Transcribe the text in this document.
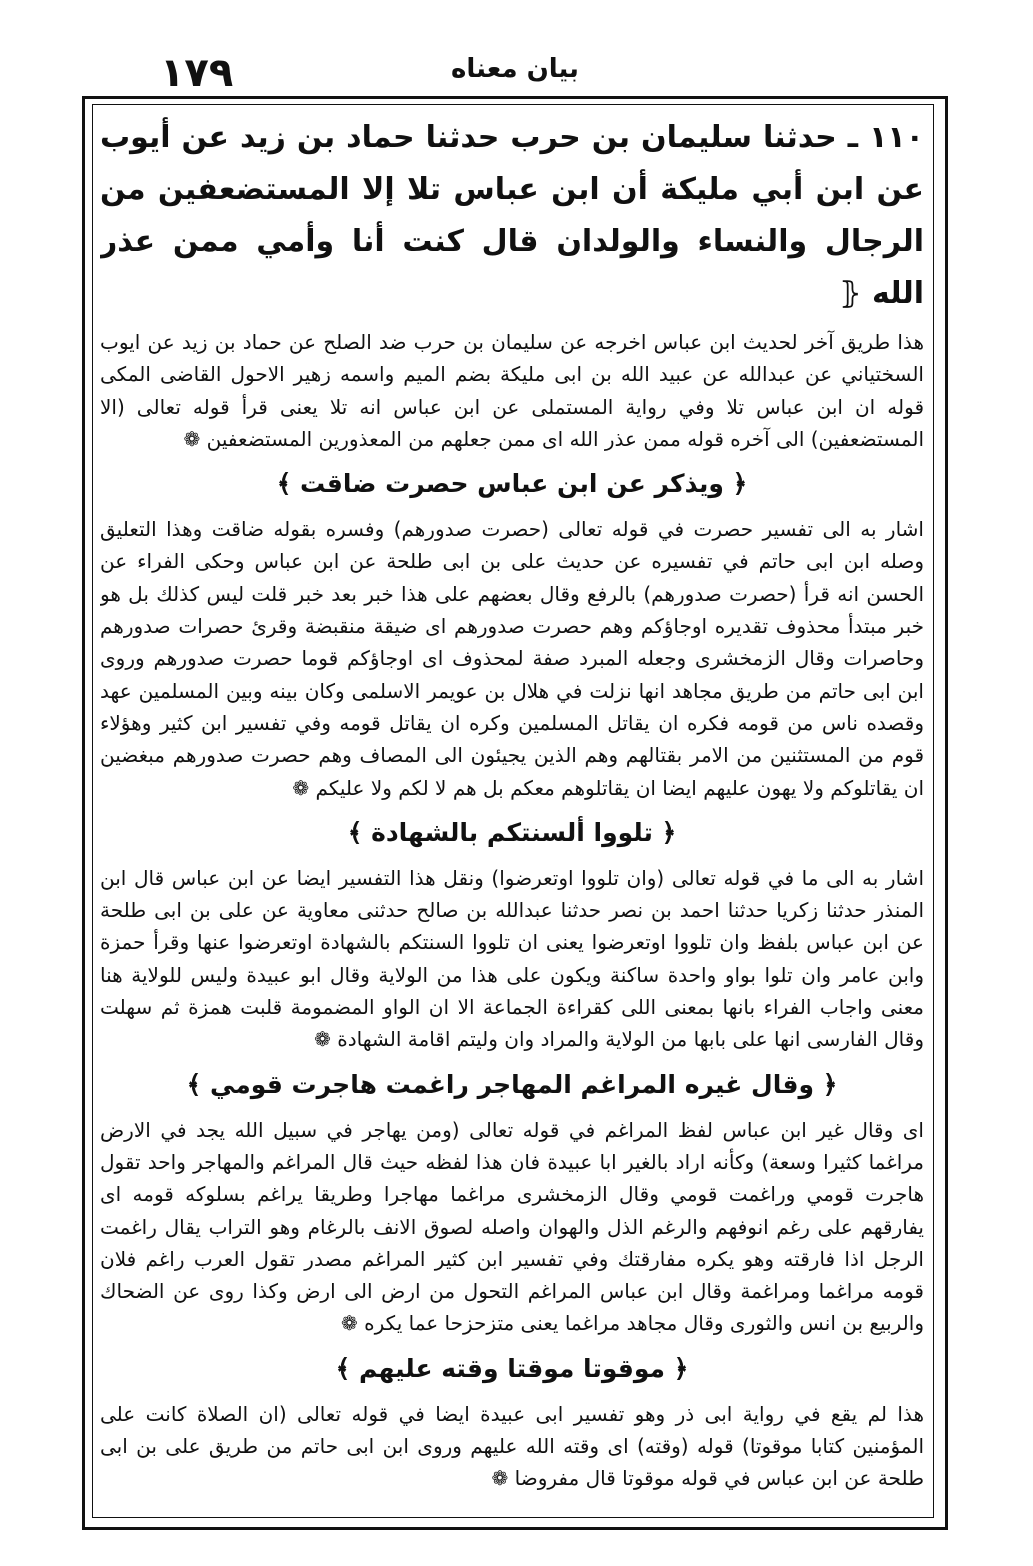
۱۷۹	بیان معناه

١١٠ ـ حدثنا سليمان بن حرب حدثنا حماد بن زيد عن أيوب عن ابن أبي مليكة أن ابن عباس تلا إلا المستضعفين من الرجال والنساء والولدان قال كنت أنا وأمي ممن عذر الله ⦃

هذا طريق آخر لحديث ابن عباس اخرجه عن سليمان بن حرب ضد الصلح عن حماد بن زيد عن ايوب السختياني عن عبدالله عن عبيد الله بن ابى مليكة بضم الميم واسمه زهير الاحول القاضى المكى قوله ان ابن عباس تلا وفي رواية المستملى عن ابن عباس انه تلا يعنى قرأ قوله تعالى (الا المستضعفين) الى آخره قوله ممن عذر الله اى ممن جعلهم من المعذورين المستضعفين ❁

﴿ ويذكر عن ابن عباس حصرت ضاقت ﴾

اشار به الى تفسير حصرت في قوله تعالى (حصرت صدورهم) وفسره بقوله ضاقت وهذا التعليق وصله ابن ابى حاتم في تفسيره عن حديث على بن ابى طلحة عن ابن عباس وحكى الفراء عن الحسن انه قرأ (حصرت صدورهم) بالرفع وقال بعضهم على هذا خبر بعد خبر قلت ليس كذلك بل هو خبر مبتدأ محذوف تقديره اوجاؤكم وهم حصرت صدورهم اى ضيقة منقبضة وقرئ حصرات صدورهم وحاصرات وقال الزمخشرى وجعله المبرد صفة لمحذوف اى اوجاؤكم قوما حصرت صدورهم وروى ابن ابى حاتم من طريق مجاهد انها نزلت في هلال بن عويمر الاسلمى وكان بينه وبين المسلمين عهد وقصده ناس من قومه فكره ان يقاتل المسلمين وكره ان يقاتل قومه وفي تفسير ابن كثير وهؤلاء قوم من المستثنين من الامر بقتالهم وهم الذين يجيئون الى المصاف وهم حصرت صدورهم مبغضين ان يقاتلوكم ولا يهون عليهم ايضا ان يقاتلوهم معكم بل هم لا لكم ولا عليكم ❁

﴿ تلووا ألسنتكم بالشهادة ﴾

اشار به الى ما في قوله تعالى (وان تلووا اوتعرضوا) ونقل هذا التفسير ايضا عن ابن عباس قال ابن المنذر حدثنا زكريا حدثنا احمد بن نصر حدثنا عبدالله بن صالح حدثنى معاوية عن على بن ابى طلحة عن ابن عباس بلفظ وان تلووا اوتعرضوا يعنى ان تلووا السنتكم بالشهادة اوتعرضوا عنها وقرأ حمزة وابن عامر وان تلوا بواو واحدة ساكنة ويكون على هذا من الولاية وقال ابو عبيدة وليس للولاية هنا معنى واجاب الفراء بانها بمعنى اللى كقراءة الجماعة الا ان الواو المضمومة قلبت همزة ثم سهلت وقال الفارسى انها على بابها من الولاية والمراد وان وليتم اقامة الشهادة ❁

﴿ وقال غيره المراغم المهاجر راغمت هاجرت قومي ﴾

اى وقال غير ابن عباس لفظ المراغم في قوله تعالى (ومن يهاجر في سبيل الله يجد في الارض مراغما كثيرا وسعة) وكأنه اراد بالغير ابا عبيدة فان هذا لفظه حيث قال المراغم والمهاجر واحد تقول هاجرت قومي وراغمت قومي وقال الزمخشرى مراغما مهاجرا وطريقا يراغم بسلوكه قومه اى يفارقهم على رغم انوفهم والرغم الذل والهوان واصله لصوق الانف بالرغام وهو التراب يقال راغمت الرجل اذا فارقته وهو يكره مفارقتك وفي تفسير ابن كثير المراغم مصدر تقول العرب راغم فلان قومه مراغما ومراغمة وقال ابن عباس المراغم التحول من ارض الى ارض وكذا روى عن الضحاك والربيع بن انس والثورى وقال مجاهد مراغما يعنى متزحزحا عما يكره ❁

﴿ موقوتا موقتا وقته عليهم ﴾

هذا لم يقع في رواية ابى ذر وهو تفسير ابى عبيدة ايضا في قوله تعالى (ان الصلاة كانت على المؤمنين كتابا موقوتا) قوله (وقته) اى وقته الله عليهم وروى ابن ابى حاتم من طريق على بن ابى طلحة عن ابن عباس في قوله موقوتا قال مفروضا ❁
